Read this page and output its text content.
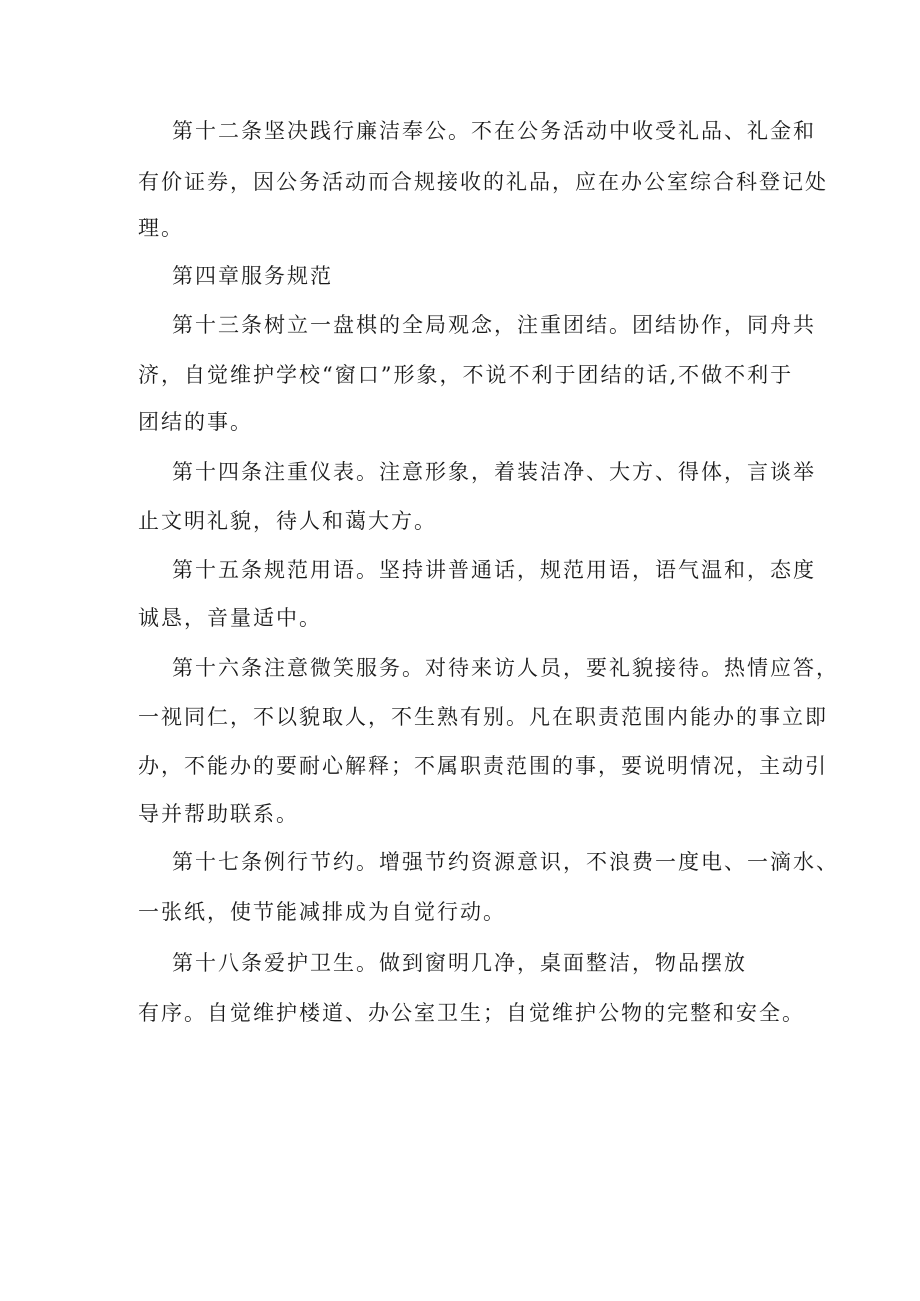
第十二条坚决践行廉洁奉公。不在公务活动中收受礼品、礼金和
有价证券，因公务活动而合规接收的礼品，应在办公室综合科登记处
理。
第四章服务规范
第十三条树立一盘棋的全局观念，注重团结。团结协作，同舟共
济，自觉维护学校“窗口”形象，不说不利于团结的话,不做不利于
团结的事。
第十四条注重仪表。注意形象，着装洁净、大方、得体，言谈举
止文明礼貌，待人和蔼大方。
第十五条规范用语。坚持讲普通话，规范用语，语气温和，态度
诚恳，音量适中。
第十六条注意微笑服务。对待来访人员，要礼貌接待。热情应答，
一视同仁，不以貌取人，不生熟有别。凡在职责范围内能办的事立即
办，不能办的要耐心解释；不属职责范围的事，要说明情况，主动引
导并帮助联系。
第十七条例行节约。增强节约资源意识，不浪费一度电、一滴水、
一张纸，使节能减排成为自觉行动。
第十八条爱护卫生。做到窗明几净，桌面整洁，物品摆放
有序。自觉维护楼道、办公室卫生；自觉维护公物的完整和安全。
